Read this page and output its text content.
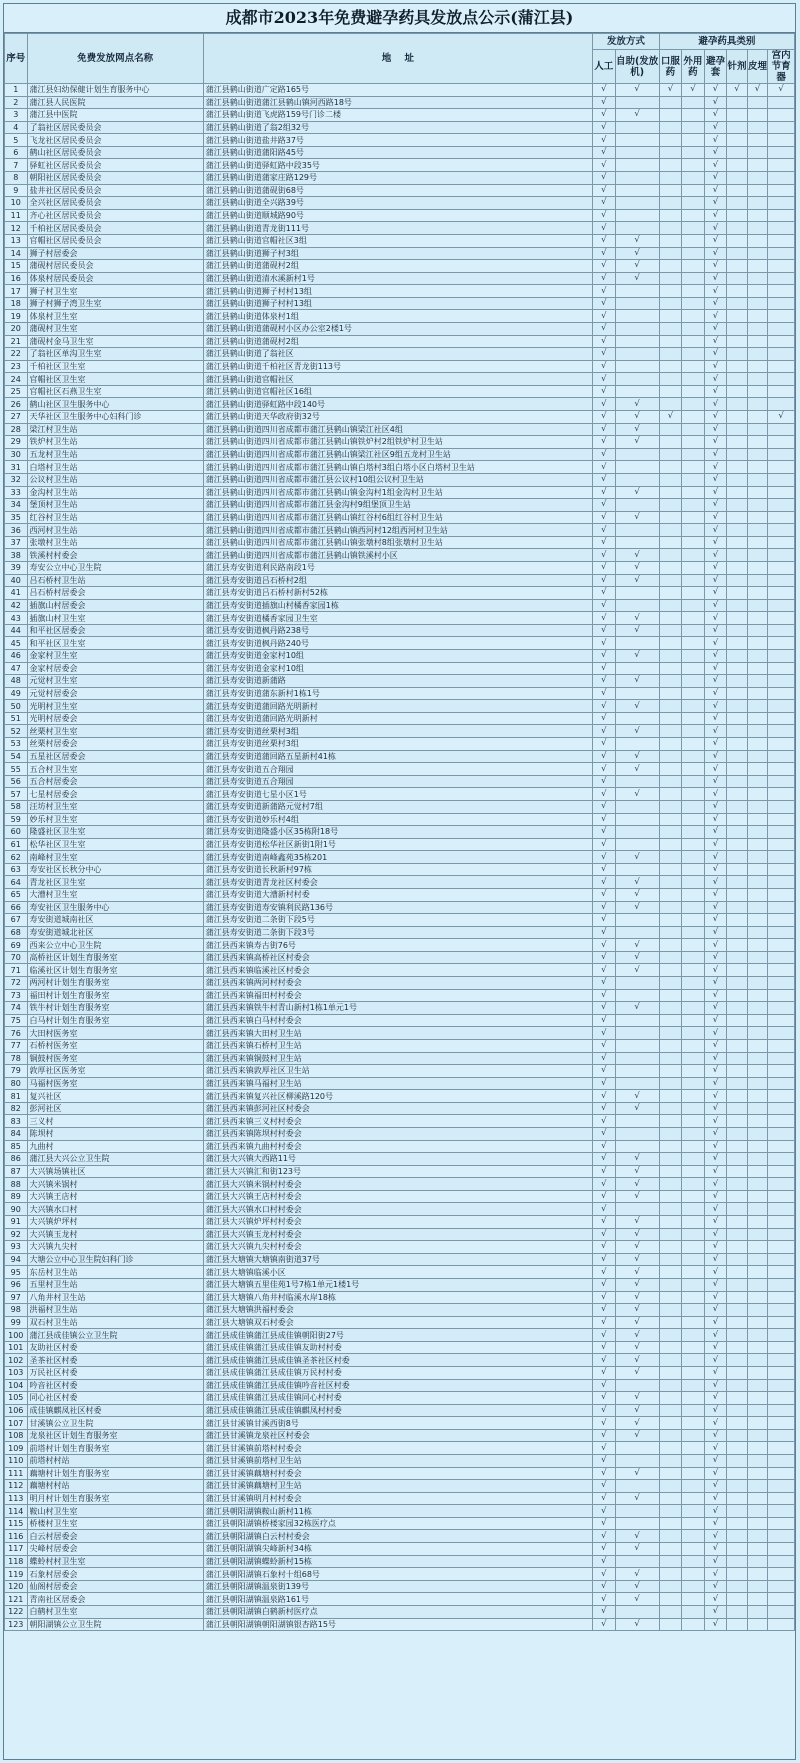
成都市2023年免费避孕药具发放点公示(蒲江县)
序号	免费发放网点名称	地    址	发放方式		避孕药具类别					
			人工	自助(发放机)	口服药	外用药	避孕套	针剂	皮埋	宫内节育器
1	蒲江县妇幼保健计划生育服务中心	蒲江县鹤山街道广定路165号	√	√	√	√	√	√	√	√
2	蒲江县人民医院	蒲江县鹤山街道蒲江县鹤山镇河西路18号	√				√			
3	蒲江县中医院	蒲江县鹤山街道飞虎路159号门诊二楼	√	√			√			
4	了翁社区居民委员会	蒲江县鹤山街道了翁2组32号	√				√			
5	飞龙社区居民委员会	蒲江县鹤山街道盐井路37号	√				√			
6	鹤山社区居民委员会	蒲江县鹤山街道蒲阳路45号	√				√			
7	驿虹社区居民委员会	蒲江县鹤山街道驿虹路中段35号	√				√			
8	朝阳社区居民委员会	蒲江县鹤山街道蒲家庄路129号	√				√			
9	盐井社区居民委员会	蒲江县鹤山街道蒲砚街68号	√				√			
10	全兴社区居民委员会	蒲江县鹤山街道全兴路39号	√				√			
11	齐心社区居民委员会	蒲江县鹤山街道顺城路90号	√				√			
12	千柏社区居民委员会	蒲江县鹤山街道青龙街111号	√				√			
13	官帽社区居民委员会	蒲江县鹤山街道官帽社区3组	√	√			√			
14	狮子村居委会	蒲江县鹤山街道狮子村3组	√	√			√			
15	蒲砚村居民委员会	蒲江县鹤山街道蒲砚村2组	√	√			√			
16	体泉村居民委员会	蒲江县鹤山街道清水溪新村1号	√	√			√			
17	狮子村卫生室	蒲江县鹤山街道狮子村村13组	√				√			
18	狮子村狮子湾卫生室	蒲江县鹤山街道狮子村村13组	√				√			
19	体泉村卫生室	蒲江县鹤山街道体泉村1组	√				√			
20	蒲砚村卫生室	蒲江县鹤山街道蒲砚村小区办公室2楼1号	√				√			
21	蒲砚村金马卫生室	蒲江县鹤山街道蒲砚村2组	√				√			
22	了翁社区单沟卫生室	蒲江县鹤山街道了翁社区	√				√			
23	千柏社区卫生室	蒲江县鹤山街道千柏社区青龙街113号	√				√			
24	官帽社区卫生室	蒲江县鹤山街道官帽社区	√				√			
25	官帽社区石燕卫生室	蒲江县鹤山街道官帽社区16组	√				√			
26	鹤山社区卫生服务中心	蒲江县鹤山街道驿虹路中段140号	√	√			√			
27	天华社区卫生服务中心妇科门诊	蒲江县鹤山街道天华政府街32号	√	√	√		√			√
28	梁江村卫生站	蒲江县鹤山街道四川省成都市蒲江县鹤山镇梁江社区4组	√	√			√			
29	铁炉村卫生站	蒲江县鹤山街道四川省成都市蒲江县鹤山镇铁炉村2组铁炉村卫生站	√	√			√			
30	五龙村卫生站	蒲江县鹤山街道四川省成都市蒲江县鹤山镇梁江社区9组五龙村卫生站	√				√			
31	白塔村卫生站	蒲江县鹤山街道四川省成都市蒲江县鹤山镇白塔村3组白塔小区白塔村卫生站	√				√			
32	公议村卫生站	蒲江县鹤山街道四川省成都市蒲江县公议村10组公议村卫生站	√				√			
33	金沟村卫生站	蒲江县鹤山街道四川省成都市蒲江县鹤山镇金沟村1组金沟村卫生站	√	√			√			
34	堡顶村卫生站	蒲江县鹤山街道四川省成都市蒲江县金沟村9组堡顶卫生站	√				√			
35	红谷村卫生站	蒲江县鹤山街道四川省成都市蒲江县鹤山镇红谷村6组红谷村卫生站	√	√			√			
36	西河村卫生站	蒲江县鹤山街道四川省成都市蒲江县鹤山镇西河村12组西河村卫生站	√				√			
37	张墩村卫生站	蒲江县鹤山街道四川省成都市蒲江县鹤山镇张墩村8组张墩村卫生站	√				√			
38	铁溪村村委会	蒲江县鹤山街道四川省成都市蒲江县鹤山镇铁溪村小区	√	√			√			
39	寿安公立中心卫生院	蒲江县寿安街道利民路南段1号	√	√			√			
40	吕石桥村卫生站	蒲江县寿安街道吕石桥村2组	√	√			√			
41	吕石桥村居委会	蒲江县寿安街道吕石桥村新村52栋	√				√			
42	插旗山村居委会	蒲江县寿安街道插旗山村橘香家园1栋	√				√			
43	插旗山村卫生室	蒲江县寿安街道橘香家园卫生室	√	√			√			
44	和平社区居委会	蒲江县寿安街道枫丹路238号	√	√			√			
45	和平社区卫生室	蒲江县寿安街道枫丹路240号	√				√			
46	金家村卫生室	蒲江县寿安街道金家村10组	√	√			√			
47	金家村居委会	蒲江县寿安街道金家村10组	√				√			
48	元觉村卫生室	蒲江县寿安街道新蒲路	√	√			√			
49	元觉村居委会	蒲江县寿安街道蒲东新村1栋1号	√				√			
50	光明村卫生室	蒲江县寿安街道蒲回路光明新村	√	√			√			
51	光明村居委会	蒲江县寿安街道蒲回路光明新村	√				√			
52	丝栗村卫生室	蒲江县寿安街道丝栗村3组	√	√			√			
53	丝栗村居委会	蒲江县寿安街道丝栗村3组	√				√			
54	五星社区居委会	蒲江县寿安街道蒲回路五星新村41栋	√	√			√			
55	五合村卫生室	蒲江县寿安街道五合翔园	√	√			√			
56	五合村居委会	蒲江县寿安街道五合翔园	√				√			
57	七星村居委会	蒲江县寿安街道七星小区1号	√	√			√			
58	汪坊村卫生室	蒲江县寿安街道新蒲路元觉村7组	√				√			
59	妙乐村卫生室	蒲江县寿安街道妙乐村4组	√				√			
60	隆盛社区卫生室	蒲江县寿安街道隆盛小区35栋附18号	√				√			
61	松华社区卫生室	蒲江县寿安街道松华社区新街1附1号	√				√			
62	南峰村卫生室	蒲江县寿安街道南峰鑫苑35栋201	√	√			√			
63	寿安社区长秋分中心	蒲江县寿安街道长秋新村97栋	√				√			
64	青龙社区卫生室	蒲江县寿安街道青龙社区村委会	√	√			√			
65	大漕村卫生室	蒲江县寿安街道大漕新村村委	√	√			√			
66	寿安社区卫生服务中心	蒲江县寿安街道寿安镇利民路136号	√	√			√			
67	寿安街道城南社区	蒲江县寿安街道二条街下段5号	√				√			
68	寿安街道城北社区	蒲江县寿安街道二条街下段3号	√				√			
69	西来公立中心卫生院	蒲江县西来镇寿古街76号	√	√			√			
70	高桥社区计划生育服务室	蒲江县西来镇高桥社区村委会	√	√			√			
71	临溪社区计划生育服务室	蒲江县西来镇临溪社区村委会	√	√			√			
72	两河村计划生育服务室	蒲江县西来镇两河村村委会	√				√			
73	福田村计划生育服务室	蒲江县西来镇福田村村委会	√				√			
74	铁牛村计划生育服务室	蒲江县西来镇铁牛村青山新村1栋1单元1号	√	√			√			
75	白马村计划生育服务室	蒲江县西来镇白马村村委会	√				√			
76	大田村医务室	蒲江县西来镇大田村卫生站	√				√			
77	石桥村医务室	蒲江县西来镇石桥村卫生站	√				√			
78	铜鼓村医务室	蒲江县西来镇铜鼓村卫生站	√				√			
79	敦厚社区医务室	蒲江县西来镇敦厚社区卫生站	√				√			
80	马福村医务室	蒲江县西来镇马福村卫生站	√				√			
81	复兴社区	蒲江县西来镇复兴社区柳溪路120号	√	√			√			
82	彭河社区	蒲江县西来镇彭河社区村委会	√	√			√			
83	三义村	蒲江县西来镇三义村村委会	√				√			
84	陈坝村	蒲江县西来镇陈坝村村委会	√				√			
85	九曲村	蒲江县西来镇九曲村村委会	√				√			
86	蒲江县大兴公立卫生院	蒲江县大兴镇大西路11号	√	√			√			
87	大兴镇场镇社区	蒲江县大兴镇汇和街123号	√	√			√			
88	大兴镇米锅村	蒲江县大兴镇米锅村村委会	√	√			√			
89	大兴镇王店村	蒲江县大兴镇王店村村委会	√	√			√			
90	大兴镇水口村	蒲江县大兴镇水口村村委会	√				√			
91	大兴镇炉坪村	蒲江县大兴镇炉坪村村委会	√	√			√			
92	大兴镇玉龙村	蒲江县大兴镇玉龙村村委会	√	√			√			
93	大兴镇九尖村	蒲江县大兴镇九尖村村委会	√	√			√			
94	大塘公立中心卫生院妇科门诊	蒲江县大塘镇大塘镇南街道37号	√	√			√			
95	东岳村卫生站	蒲江县大塘镇临溪小区	√	√			√			
96	五里村卫生站	蒲江县大塘镇五里佳苑1号7栋1单元1楼1号	√	√			√			
97	八角井村卫生站	蒲江县大塘镇八角井村临溪水岸18栋	√	√			√			
98	洪福村卫生站	蒲江县大塘镇洪福村委会	√	√			√			
99	双石村卫生站	蒲江县大塘镇双石村委会	√	√			√			
100	蒲江县成佳镇公立卫生院	蒲江县成佳镇蒲江县成佳镇朝阳街27号	√	√			√			
101	友助社区村委	蒲江县成佳镇蒲江县成佳镇友助村村委	√	√			√			
102	圣茶社区村委	蒲江县成佳镇蒲江县成佳镇圣茶社区村委	√	√			√			
103	万民社区村委	蒲江县成佳镇蒲江县成佳镇万民村村委	√	√			√			
104	吟音社区村委	蒲江县成佳镇蒲江县成佳镇吟音社区村委	√				√			
105	同心社区村委	蒲江县成佳镇蒲江县成佳镇同心村村委	√	√			√			
106	成佳镇麒凤社区村委	蒲江县成佳镇蒲江县成佳镇麒凤村村委	√	√			√			
107	甘溪镇公立卫生院	蒲江县甘溪镇甘溪西街8号	√	√			√			
108	龙泉社区计划生育服务室	蒲江县甘溪镇龙泉社区村委会	√	√			√			
109	前塔村计划生育服务室	蒲江县甘溪镇前塔村村委会	√				√			
110	前塔村村站	蒲江县甘溪镇前塔村卫生站	√				√			
111	藕塘村计划生育服务室	蒲江县甘溪镇藕塘村村委会	√	√			√			
112	藕塘村村站	蒲江县甘溪镇藕塘村卫生站	√				√			
113	明月村计划生育服务室	蒲江县甘溪镇明月村村委会	√	√			√			
114	鞍山村卫生室	蒲江县朝阳湖镇鞍山新村11栋	√				√			
115	桥楼村卫生室	蒲江县朝阳湖镇桥楼家园32栋医疗点	√				√			
116	白云村居委会	蒲江县朝阳湖镇白云村村委会	√	√			√			
117	尖峰村居委会	蒲江县朝阳湖镇尖峰新村34栋	√	√			√			
118	蝶蛉村村卫生室	蒲江县朝阳湖镇蝶蛉新村15栋	√				√			
119	石象村居委会	蒲江县朝阳湖镇石象村十组68号	√	√			√			
120	仙阁村居委会	蒲江县朝阳湖镇温泉街139号	√	√			√			
121	青南社区居委会	蒲江县朝阳湖镇温泉路161号	√	√			√			
122	白鹤村卫生室	蒲江县朝阳湖镇白鹤新村医疗点	√				√			
123	朝阳湖镇公立卫生院	蒲江县朝阳湖镇朝阳湖镇银杏路15号	√	√			√			
